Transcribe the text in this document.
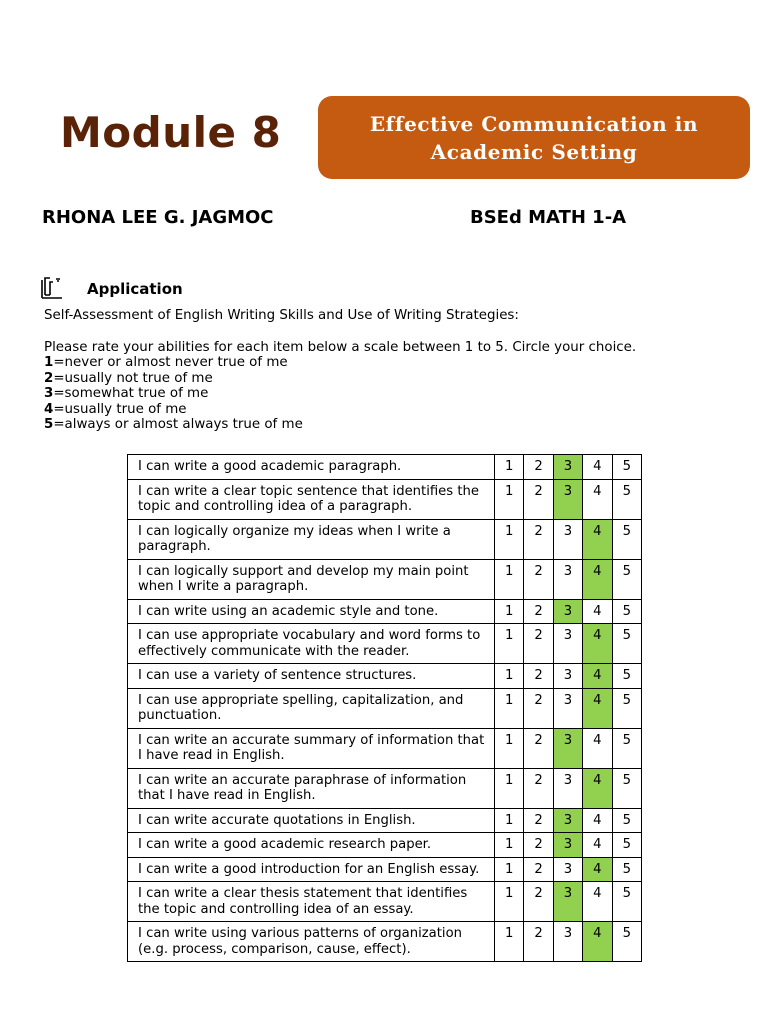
Module 8	Effective Communication in
Academic Setting

RHONA LEE G. JAGMOC	BSEd MATH 1-A

Application

Self-Assessment of English Writing Skills and Use of Writing Strategies:

Please rate your abilities for each item below a scale between 1 to 5. Circle your choice.

1=never or almost never true of me

2=usually not true of me

3=somewhat true of me

4=usually true of me

5=always or almost always true of me

I can write a good academic paragraph.	1	2	3	4	5
I can write a clear topic sentence that identifies the topic and controlling idea of a paragraph.	1	2	3	4	5
I can logically organize my ideas when I write a paragraph.	1	2	3	4	5
I can logically support and develop my main point when I write a paragraph.	1	2	3	4	5
I can write using an academic style and tone.	1	2	3	4	5
I can use appropriate vocabulary and word forms to effectively communicate with the reader.	1	2	3	4	5
I can use a variety of sentence structures.	1	2	3	4	5
I can use appropriate spelling, capitalization, and punctuation.	1	2	3	4	5
I can write an accurate summary of information that I have read in English.	1	2	3	4	5
I can write an accurate paraphrase of information that I have read in English.	1	2	3	4	5
I can write accurate quotations in English.	1	2	3	4	5
I can write a good academic research paper.	1	2	3	4	5
I can write a good introduction for an English essay.	1	2	3	4	5
I can write a clear thesis statement that identifies the topic and controlling idea of an essay.	1	2	3	4	5
I can write using various patterns of organization (e.g. process, comparison, cause, effect).	1	2	3	4	5
